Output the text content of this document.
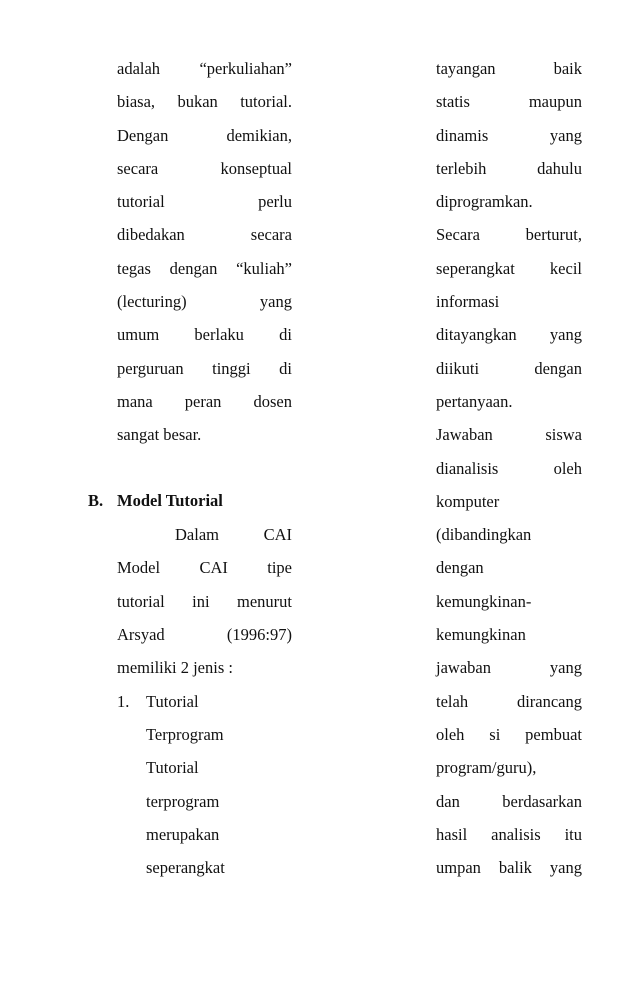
adalah “perkuliahan”
biasa, bukan tutorial.
Dengan demikian,
secara konseptual
tutorial perlu
dibedakan secara
tegas dengan “kuliah”
(lecturing) yang
umum berlaku di
perguruan tinggi di
mana peran dosen
sangat besar.
Dalam CAI
Model CAI tipe
tutorial ini menurut
Arsyad (1996:97)
memiliki 2 jenis :
1.	Tutorial
Terprogram
Tutorial
terprogram
merupakan
seperangkat
B. Model Tutorial
tayangan baik
statis maupun
dinamis yang
terlebih dahulu
diprogramkan.
Secara berturut,
seperangkat kecil
informasi
ditayangkan yang
diikuti dengan
pertanyaan.
Jawaban siswa
dianalisis oleh
komputer
(dibandingkan
dengan
kemungkinan-
kemungkinan
jawaban yang
telah dirancang
oleh si pembuat
program/guru),
dan berdasarkan
hasil analisis itu
umpan balik yang
